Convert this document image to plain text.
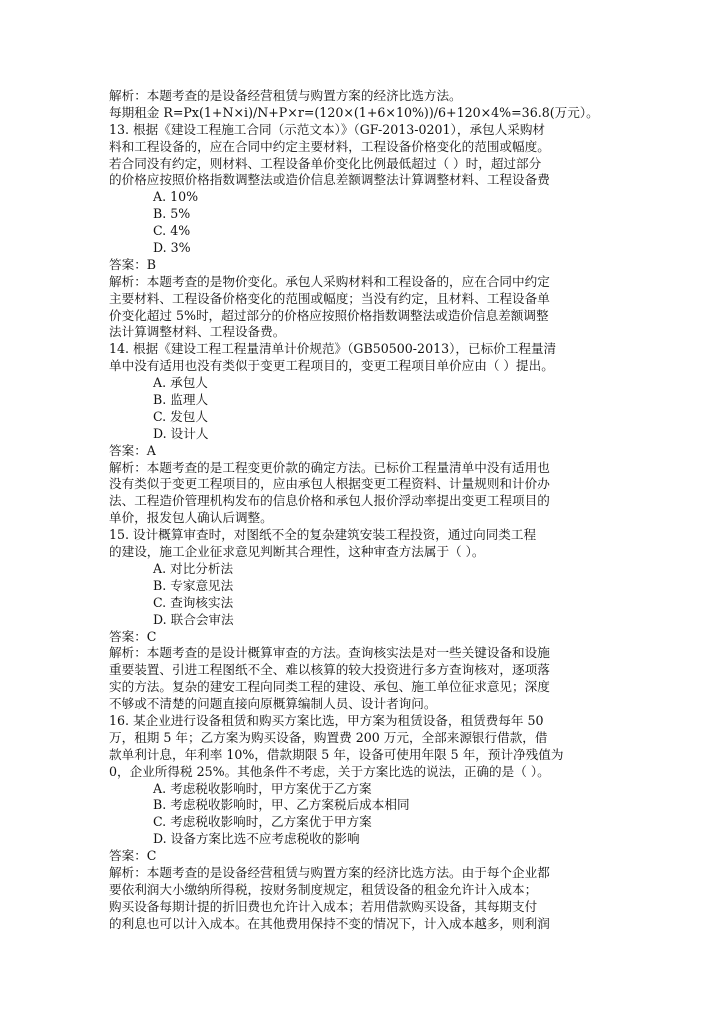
解析：本题考查的是设备经营租赁与购置方案的经济比选方法。
每期租金 R=Px(1+N×i)/N+P×r=(120×(1+6×10%))/6+120×4%=36.8(万元）。
13. 根据《建设工程施工合同（示范文本）》（GF-2013-0201），承包人采购材
料和工程设备的，应在合同中约定主要材料，工程设备价格变化的范围或幅度。
若合同没有约定，则材料、工程设备单价变化比例最低超过（ ）时，超过部分
的价格应按照价格指数调整法或造价信息差额调整法计算调整材料、工程设备费
A. 10%
B. 5%
C. 4%
D. 3%
答案：B
解析：本题考查的是物价变化。承包人采购材料和工程设备的，应在合同中约定
主要材料、工程设备价格变化的范围或幅度；当没有约定，且材料、工程设备单
价变化超过 5%时，超过部分的价格应按照价格指数调整法或造价信息差额调整
法计算调整材料、工程设备费。
14. 根据《建设工程工程量清单计价规范》（GB50500-2013），已标价工程量清
单中没有适用也没有类似于变更工程项目的，变更工程项目单价应由（ ）提出。
A. 承包人
B. 监理人
C. 发包人
D. 设计人
答案：A
解析：本题考查的是工程变更价款的确定方法。已标价工程量清单中没有适用也
没有类似于变更工程项目的，应由承包人根据变更工程资料、计量规则和计价办
法、工程造价管理机构发布的信息价格和承包人报价浮动率提出变更工程项目的
单价，报发包人确认后调整。
15. 设计概算审查时，对图纸不全的复杂建筑安装工程投资，通过向同类工程
的建设，施工企业征求意见判断其合理性，这种审查方法属于（ ）。
A. 对比分析法
B. 专家意见法
C. 查询核实法
D. 联合会审法
答案：C
解析：本题考查的是设计概算审查的方法。查询核实法是对一些关键设备和设施
重要装置、引进工程图纸不全、难以核算的较大投资进行多方查询核对，逐项落
实的方法。复杂的建安工程向同类工程的建设、承包、施工单位征求意见；深度
不够或不清楚的问题直接向原概算编制人员、设计者询问。
16. 某企业进行设备租赁和购买方案比选，甲方案为租赁设备，租赁费每年 50
万，租期 5 年；乙方案为购买设备，购置费 200 万元，全部来源银行借款，借
款单利计息，年利率 10%，借款期限 5 年，设备可使用年限 5 年，预计净残值为
0，企业所得税 25%。其他条件不考虑，关于方案比选的说法，正确的是（ ）。
A. 考虑税收影响时，甲方案优于乙方案
B. 考虑税收影响时，甲、乙方案税后成本相同
C. 考虑税收影响时，乙方案优于甲方案
D. 设备方案比选不应考虑税收的影响
答案：C
解析：本题考查的是设备经营租赁与购置方案的经济比选方法。由于每个企业都
要依利润大小缴纳所得税，按财务制度规定，租赁设备的租金允许计入成本；
购买设备每期计提的折旧费也允许计入成本；若用借款购买设备，其每期支付
的利息也可以计入成本。在其他费用保持不变的情况下，计入成本越多，则利润
